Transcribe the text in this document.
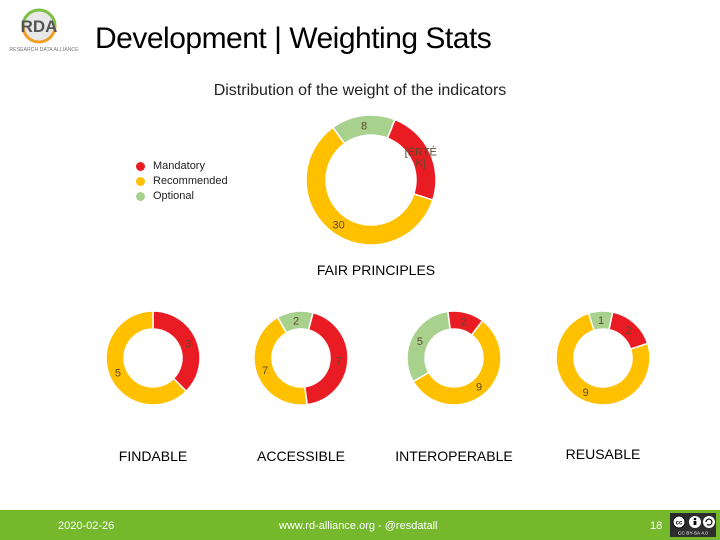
RDA
RESEARCH DATA ALLIANCE Development | Weighting Stats
Distribution of the weight of the indicators
Mandatory
Recommended
Optional
8
[ÉRTÉ K]
30
3
5
2
7
7
5
2
9
1
2
9
FAIR PRINCIPLES
FINDABLE	ACCESSIBLE	INTEROPERABLE	REUSABLE
2020-02-26	www.rd-alliance.org - @resdatall	18 cc
CC BY-SA 4.0
